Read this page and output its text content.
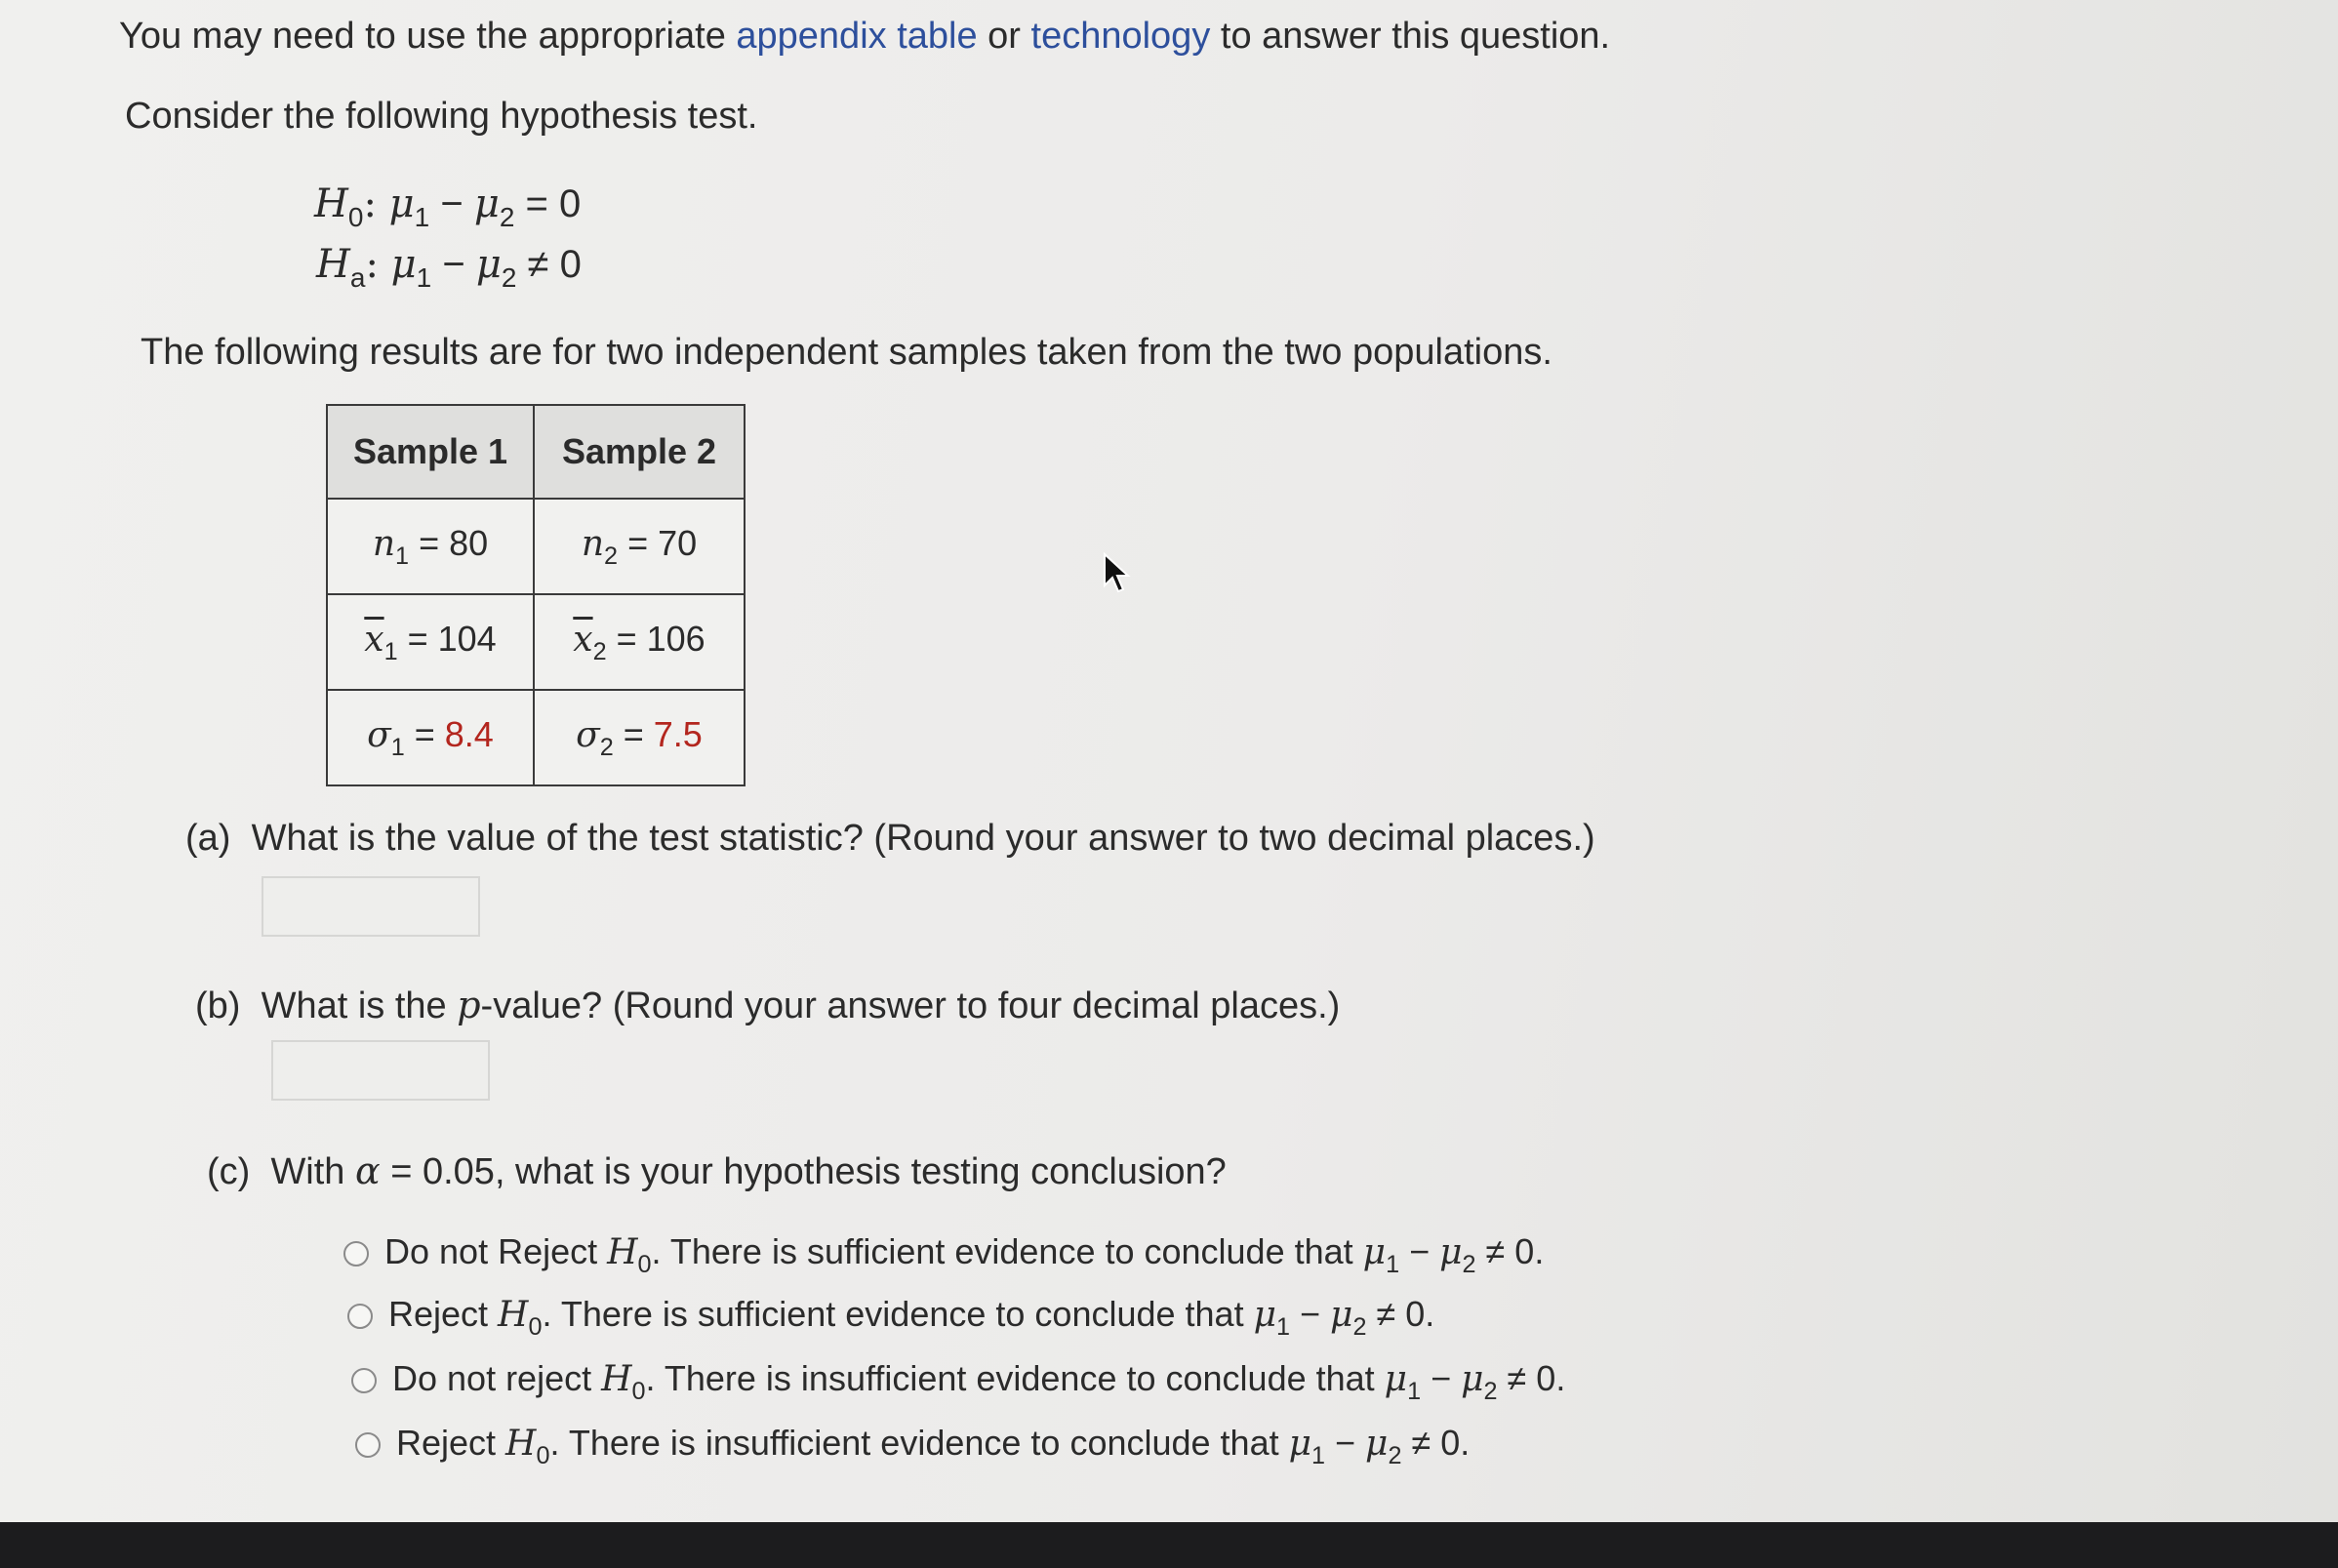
You may need to use the appropriate appendix table or technology to answer this question.
Consider the following hypothesis test.
$H_0$: $\mu_1 - \mu_2 = 0$
$H_a$: $\mu_1 - \mu_2 \ne 0$
The following results are for two independent samples taken from the two populations.
Sample 1	Sample 2
$n_1 = 80$	$n_2 = 70$
$\overline{x}_1 = 104$	$\overline{x}_2 = 106$
$\sigma_1 = 8.4$	$\sigma_2 = 7.5$
(a) What is the value of the test statistic? (Round your answer to two decimal places.)
(b) What is the p-value? (Round your answer to four decimal places.)
(c) With α = 0.05, what is your hypothesis testing conclusion?
Do not Reject $H_0$. There is sufficient evidence to conclude that $\mu_1 - \mu_2 \ne 0$.
Reject $H_0$. There is sufficient evidence to conclude that $\mu_1 - \mu_2 \ne 0$.
Do not reject $H_0$. There is insufficient evidence to conclude that $\mu_1 - \mu_2 \ne 0$.
Reject $H_0$. There is insufficient evidence to conclude that $\mu_1 - \mu_2 \ne 0$.
